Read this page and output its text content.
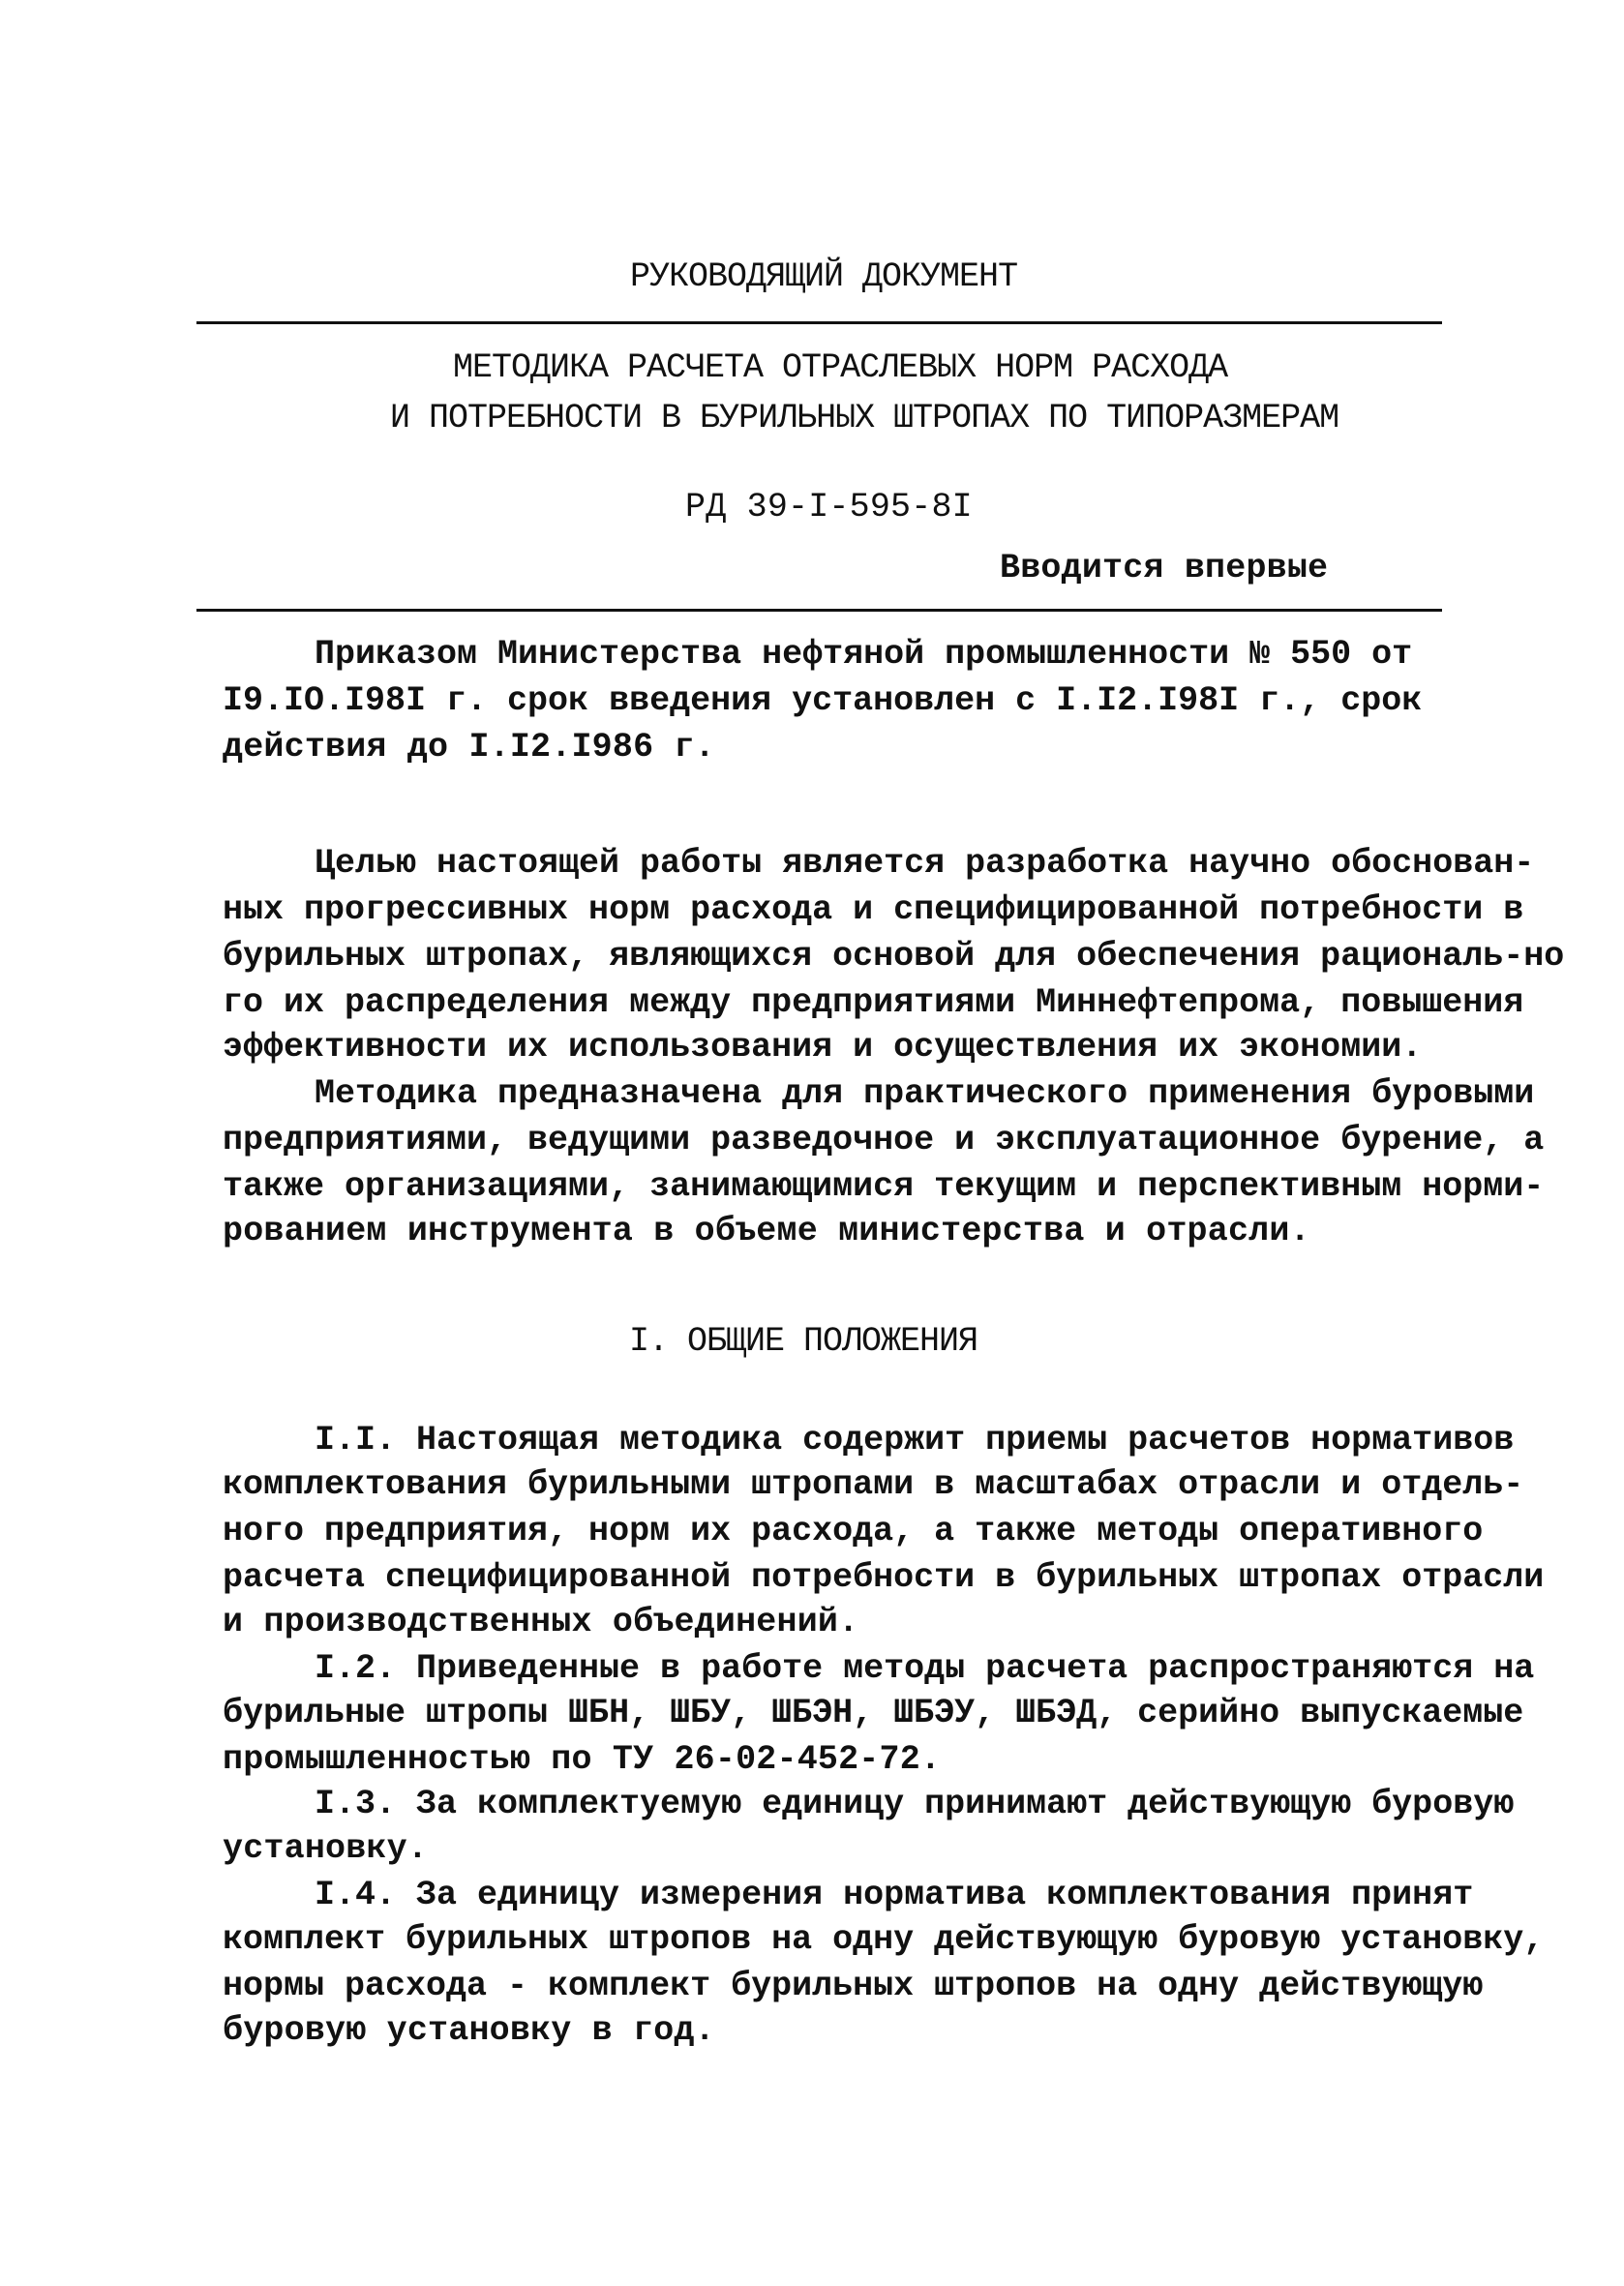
РУКОВОДЯЩИЙ ДОКУМЕНТ
МЕТОДИКА РАСЧЕТА ОТРАСЛЕВЫХ НОРМ РАСХОДА
И ПОТРЕБНОСТИ В БУРИЛЬНЫХ ШТРОПАХ ПО ТИПОРАЗМЕРАМ
РД 39-I-595-8I
Вводится впервые
Приказом Министерства нефтяной промышленности № 550 от
I9.IO.I98I г. срок введения установлен с I.I2.I98I г., срок
действия до I.I2.I986 г.
Целью настоящей работы является разработка научно обоснован-
ных прогрессивных норм расхода и специфицированной потребности в
бурильных штропах, являющихся основой для обеспечения рациональ-но
го их распределения между предприятиями Миннефтепрома, повышения
эффективности их использования и осуществления их экономии.
Методика предназначена для практического применения буровыми
предприятиями, ведущими разведочное и эксплуатационное бурение, а
также организациями, занимающимися текущим и перспективным норми-
рованием инструмента в объеме министерства и отрасли.
I. ОБЩИЕ ПОЛОЖЕНИЯ
I.I. Настоящая методика содержит приемы расчетов нормативов
комплектования бурильными штропами в масштабах отрасли и отдель-
ного предприятия, норм их расхода, а также методы оперативного
расчета специфицированной потребности в бурильных штропах отрасли
и производственных объединений.
I.2. Приведенные в работе методы расчета распространяются на
бурильные штропы ШБН, ШБУ, ШБЭН, ШБЭУ, ШБЭД, серийно выпускаемые
промышленностью по ТУ 26-02-452-72.
I.3. За комплектуемую единицу принимают действующую буровую
установку.
I.4. За единицу измерения норматива комплектования принят
комплект бурильных штропов на одну действующую буровую установку,
нормы расхода - комплект бурильных штропов на одну действующую
буровую установку в год.
